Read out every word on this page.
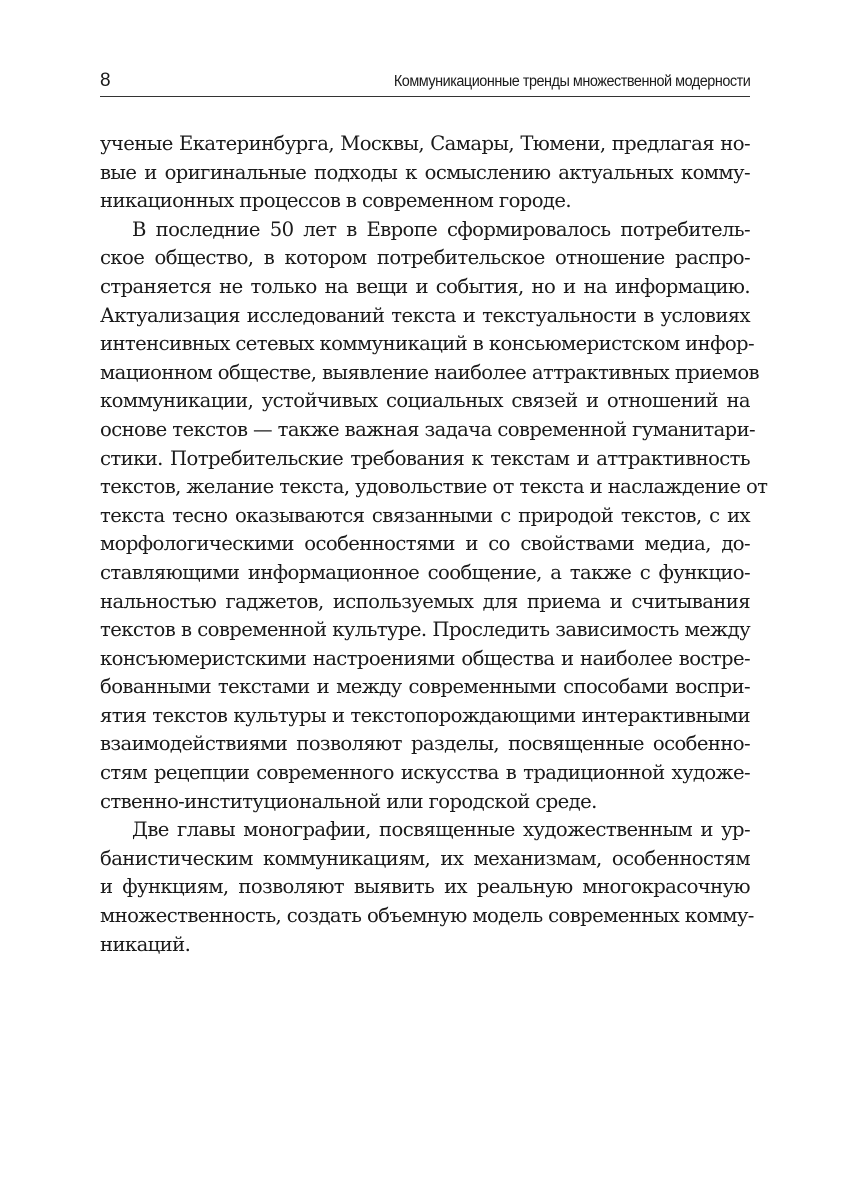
8	Коммуникационные тренды множественной модерности
ученые Екатеринбурга, Москвы, Самары, Тюмени, предлагая но-
вые и оригинальные подходы к осмыслению актуальных комму-
никационных процессов в современном городе.
В последние 50 лет в Европе сформировалось потребитель-
ское общество, в котором потребительское отношение распро-
страняется не только на вещи и события, но и на информацию.
Актуализация исследований текста и текстуальности в условиях
интенсивных сетевых коммуникаций в консьюмеристском инфор-
мационном обществе, выявление наиболее аттрактивных приемов
коммуникации, устойчивых социальных связей и отношений на
основе текстов — также важная задача современной гуманитари-
стики. Потребительские требования к текстам и аттрактивность
текстов, желание текста, удовольствие от текста и наслаждение от
текста тесно оказываются связанными с природой текстов, с их
морфологическими особенностями и со свойствами медиа, до-
ставляющими информационное сообщение, а также с функцио-
нальностью гаджетов, используемых для приема и считывания
текстов в современной культуре. Проследить зависимость между
консъюмеристскими настроениями общества и наиболее востре-
бованными текстами и между современными способами воспри-
ятия текстов культуры и текстопорождающими интерактивными
взаимодействиями позволяют разделы, посвященные особенно-
стям рецепции современного искусства в традиционной художе-
ственно-институциональной или городской среде.
Две главы монографии, посвященные художественным и ур-
банистическим коммуникациям, их механизмам, особенностям
и функциям, позволяют выявить их реальную многокрасочную
множественность, создать объемную модель современных комму-
никаций.
